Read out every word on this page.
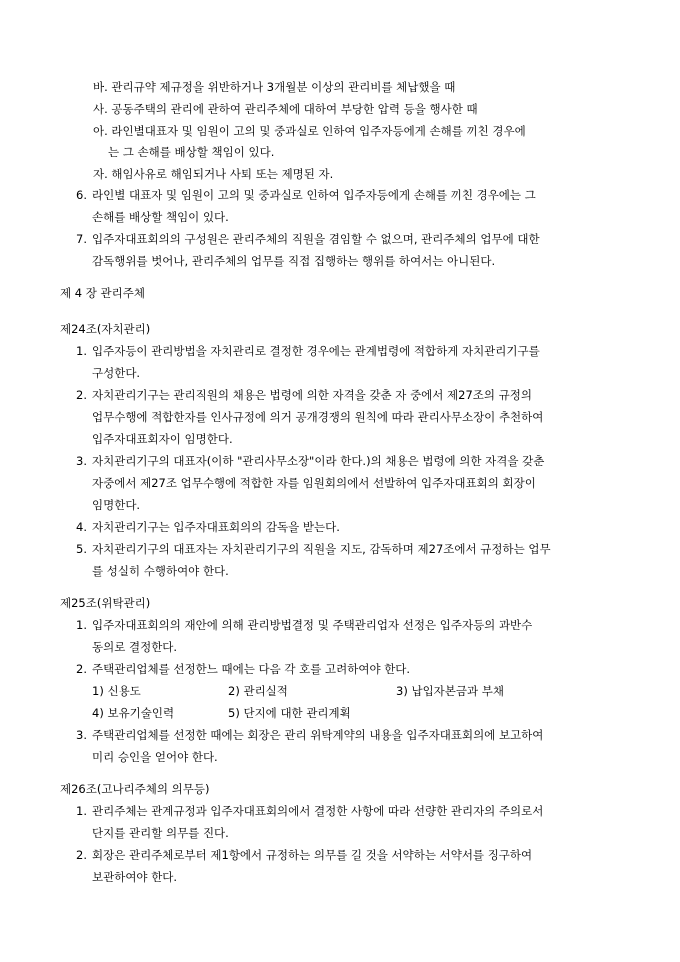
바. 관리규약 제규정을 위반하거나 3개월분 이상의 관리비를 체납했을 때
사. 공동주택의 관리에 관하여 관리주체에 대하여 부당한 압력 등을 행사한 때
아. 라인별대표자 및 임원이 고의 및 중과실로 인하여 입주자등에게 손해를 끼친 경우에
는 그 손해를 배상할 책임이 있다.
자. 해임사유로 해임되거나 사퇴 또는 제명된 자.
6. 라인별 대표자 및 임원이 고의 및 중과실로 인하여 입주자등에게 손해를 끼친 경우에는 그
손해를 배상할 책임이 있다.
7. 입주자대표회의의 구성원은 관리주체의 직원을 겸임할 수 없으며, 관리주체의 업무에 대한
감독행위를 벗어나, 관리주체의 업무를 직접 집행하는 행위를 하여서는 아니된다.
제 4 장 관리주체
제24조(자치관리)
1. 입주자등이 관리방법을 자치관리로 결정한 경우에는 관계법령에 적합하게 자치관리기구를
구성한다.
2. 자치관리기구는 관리직원의 채용은 법령에 의한 자격을 갖춘 자 중에서 제27조의 규정의
업무수행에 적합한자를 인사규정에 의거 공개경쟁의 원칙에 따라 관리사무소장이 추천하여
입주자대표회자이 임명한다.
3. 자치관리기구의 대표자(이하 "관리사무소장"이라 한다.)의 채용은 법령에 의한 자격을 갖춘
자중에서 제27조 업무수행에 적합한 자를 임원회의에서 선발하여 입주자대표회의 회장이
임명한다.
4. 자치관리기구는 입주자대표회의의 감독을 받는다.
5. 자치관리기구의 대표자는 자치관리기구의 직원을 지도, 감독하며 제27조에서 규정하는 업무
를 성실히 수행하여야 한다.
제25조(위탁관리)
1. 입주자대표회의의 재안에 의해 관리방법결정 및 주택관리업자 선정은 입주자등의 과반수
동의로 결정한다.
2. 주택관리업체를 선정한느 때에는 다음 각 호를 고려하여야 한다.
1) 신용도	2) 관리실적	3) 납입자본금과 부채
4) 보유기술인력	5) 단지에 대한 관리계획
3. 주택관리업체를 선정한 때에는 회장은 관리 위탁계약의 내용을 입주자대표회의에 보고하여
미리 승인을 얻어야 한다.
제26조(고나리주체의 의무등)
1. 관리주체는 관계규정과 입주자대표회의에서 결정한 사항에 따라 선량한 관리자의 주의로서
단지를 관리할 의무를 진다.
2. 회장은 관리주체로부터 제1항에서 규정하는 의무를 길 것을 서약하는 서약서를 징구하여
보관하여야 한다.
